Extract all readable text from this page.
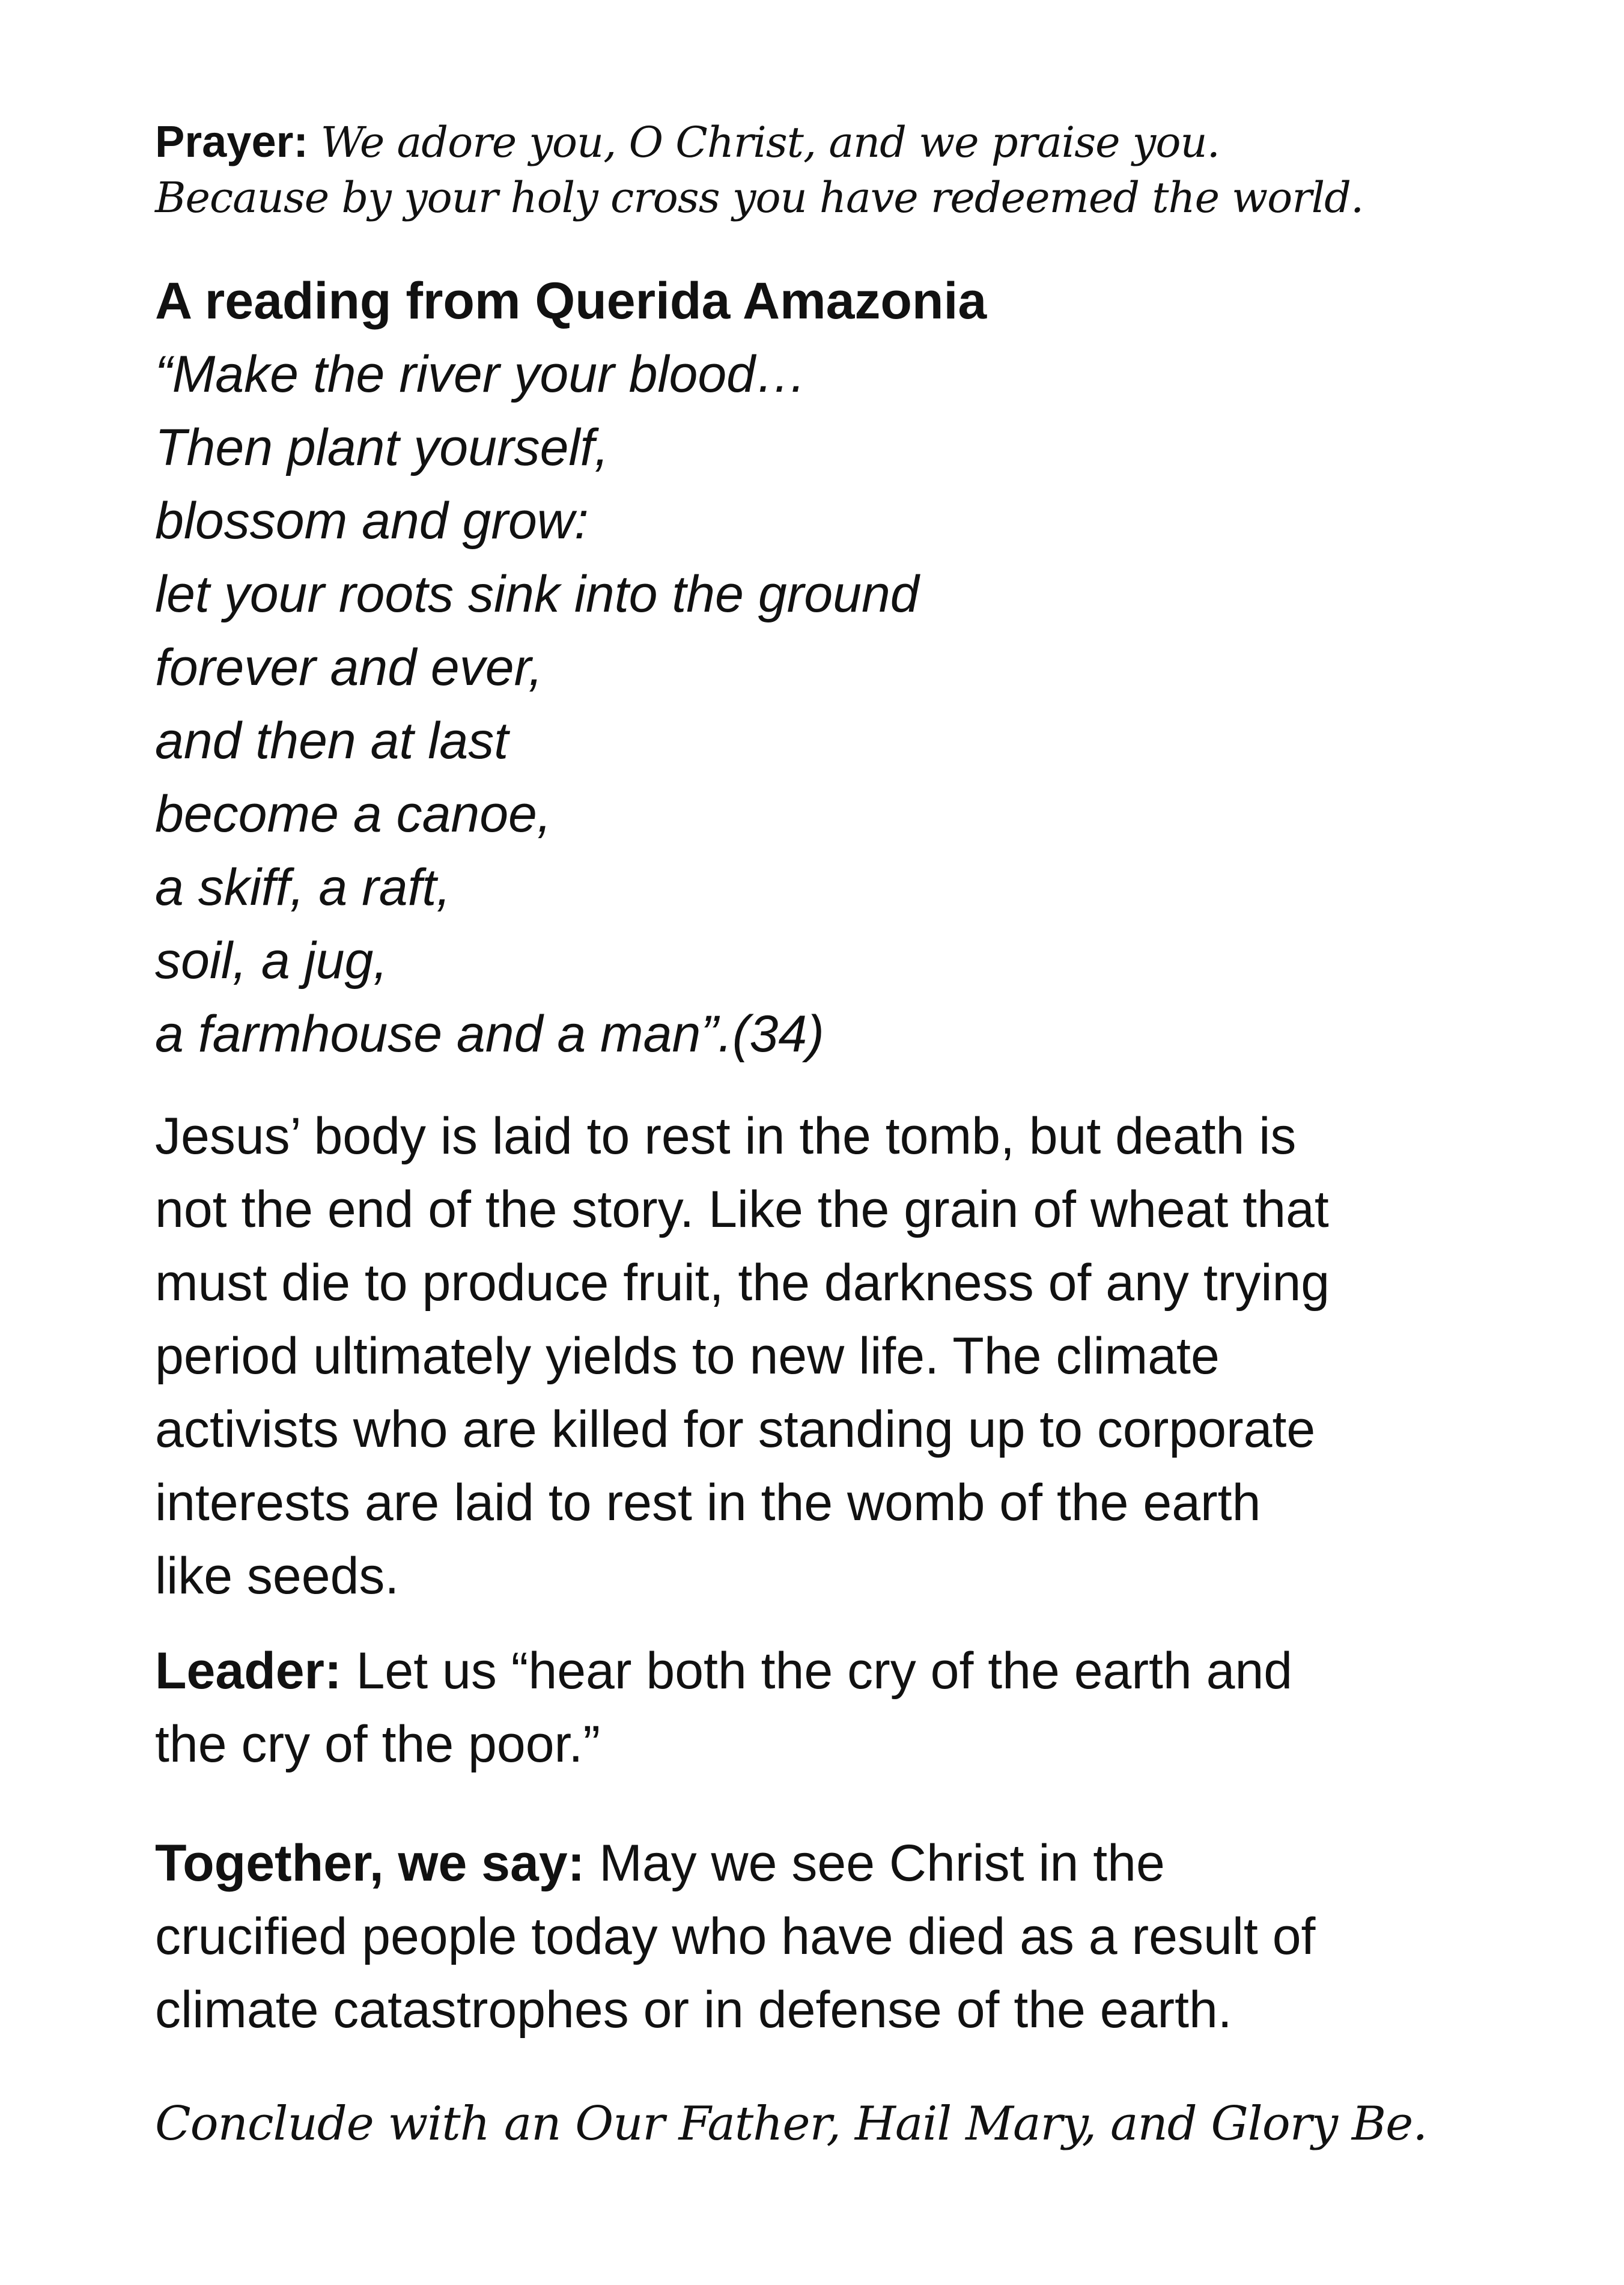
Prayer: We adore you, O Christ, and we praise you.
Because by your holy cross you have redeemed the world.
A reading from Querida Amazonia
“Make the river your blood…
Then plant yourself,
blossom and grow:
let your roots sink into the ground
forever and ever,
and then at last
become a canoe,
a skiff, a raft,
soil, a jug,
a farmhouse and a man”.(34)
Jesus’ body is laid to rest in the tomb, but death is
not the end of the story. Like the grain of wheat that
must die to produce fruit, the darkness of any trying
period ultimately yields to new life. The climate
activists who are killed for standing up to corporate
interests are laid to rest in the womb of the earth
like seeds.
Leader: Let us “hear both the cry of the earth and
the cry of the poor.”
Together, we say: May we see Christ in the
crucified people today who have died as a result of
climate catastrophes or in defense of the earth.
Conclude with an Our Father, Hail Mary, and Glory Be.
